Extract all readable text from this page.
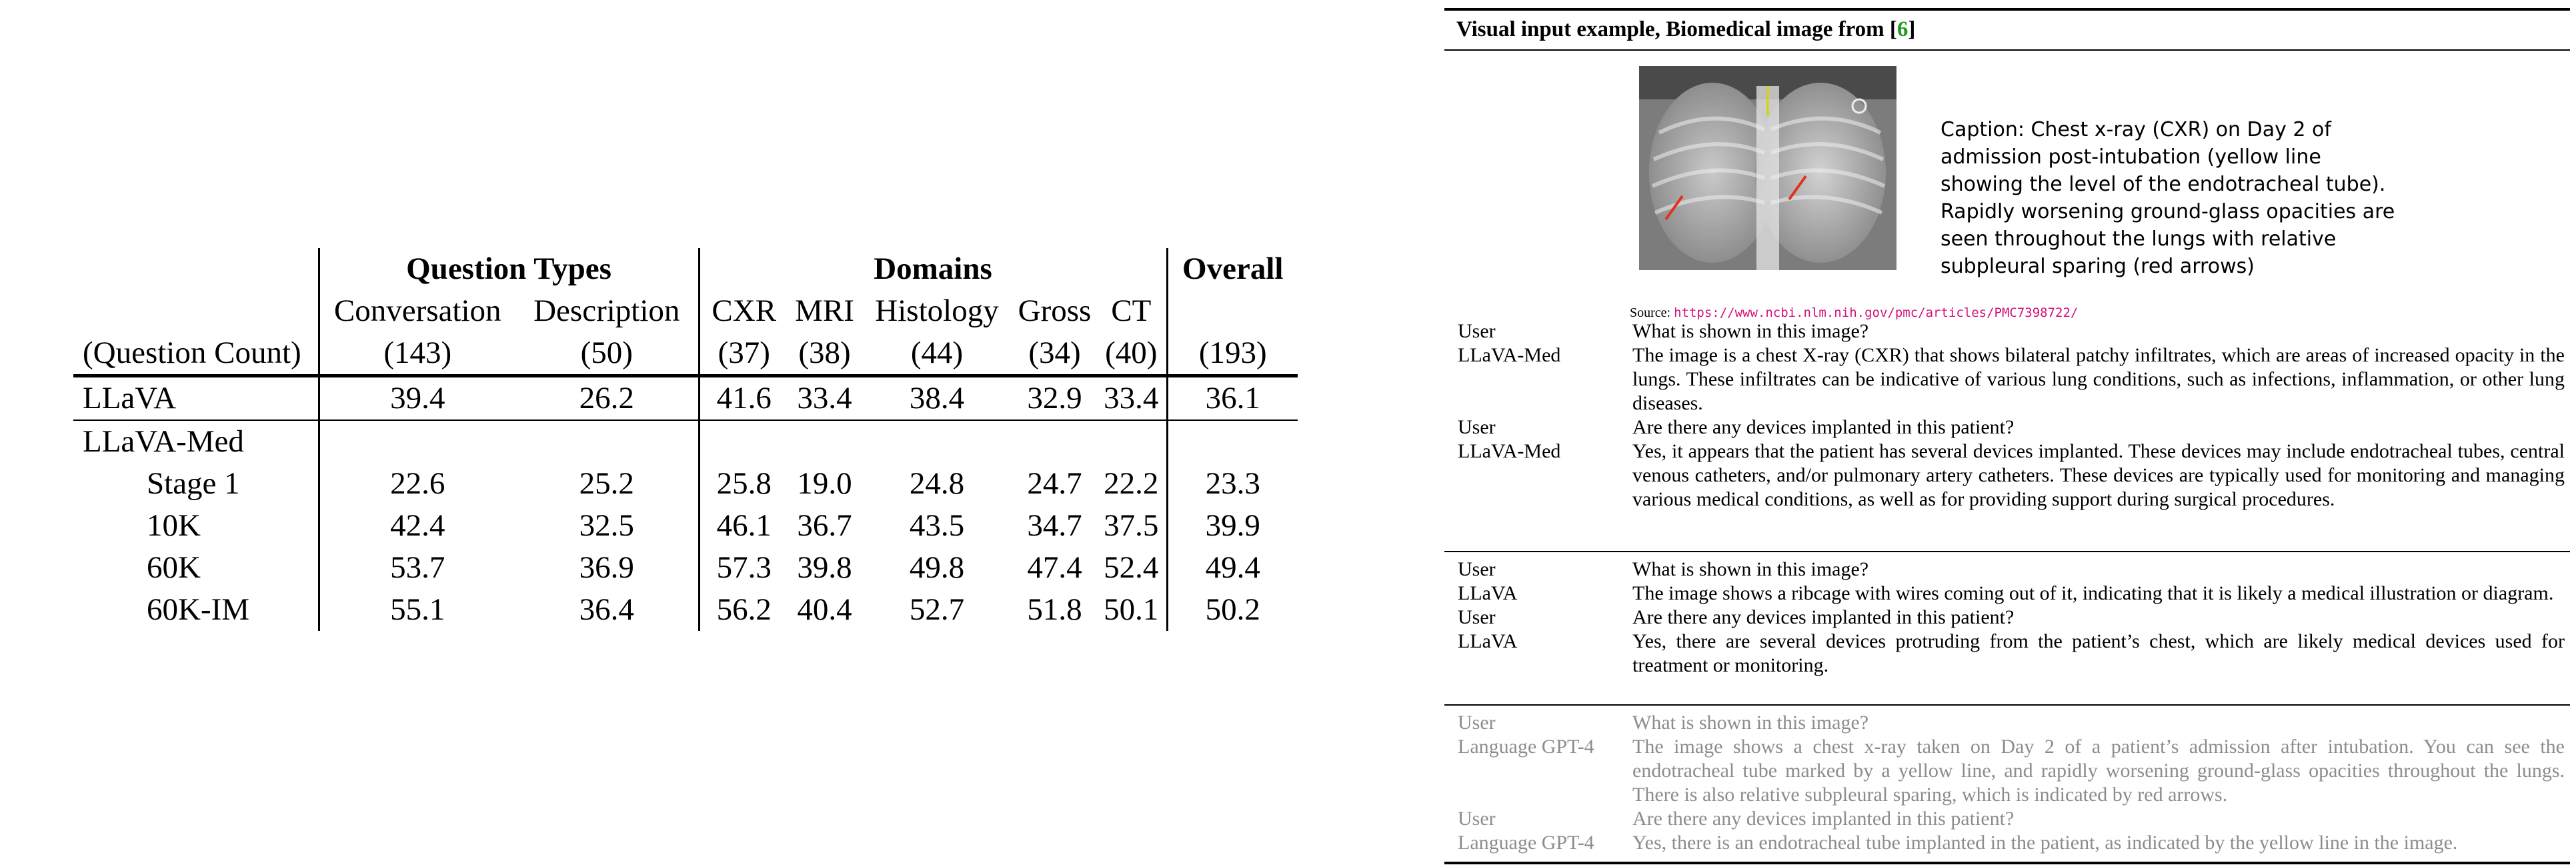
	Question Types		Domains					Overall
	Conversation	Description	CXR	MRI	Histology	Gross	CT	
(Question Count)	(143)	(50)	(37)	(38)	(44)	(34)	(40)	(193)
LLaVA	39.4	26.2	41.6	33.4	38.4	32.9	33.4	36.1
LLaVA-Med								
Stage 1	22.6	25.2	25.8	19.0	24.8	24.7	22.2	23.3
10K	42.4	32.5	46.1	36.7	43.5	34.7	37.5	39.9
60K	53.7	36.9	57.3	39.8	49.8	47.4	52.4	49.4
60K-IM	55.1	36.4	56.2	40.4	52.7	51.8	50.1	50.2
Visual input example, Biomedical image from [6]
Caption: Chest x-ray (CXR) on Day 2 of admission post-intubation (yellow line showing the level of the endotracheal tube). Rapidly worsening ground-glass opacities are seen throughout the lungs with relative subpleural sparing (red arrows)
Source: https://www.ncbi.nlm.nih.gov/pmc/articles/PMC7398722/
User	What is shown in this image?
LLaVA-Med	The image is a chest X-ray (CXR) that shows bilateral patchy infiltrates, which are areas of increased opacity in the lungs. These infiltrates can be indicative of various lung conditions, such as infections, inflammation, or other lung diseases.
User	Are there any devices implanted in this patient?
LLaVA-Med	Yes, it appears that the patient has several devices implanted. These devices may include endotracheal tubes, central venous catheters, and/or pulmonary artery catheters. These devices are typically used for monitoring and managing various medical conditions, as well as for providing support during surgical procedures.
User	What is shown in this image?
LLaVA	The image shows a ribcage with wires coming out of it, indicating that it is likely a medical illustration or diagram.
User	Are there any devices implanted in this patient?
LLaVA	Yes, there are several devices protruding from the patient’s chest, which are likely medical devices used for treatment or monitoring.
User	What is shown in this image?
Language GPT-4	The image shows a chest x-ray taken on Day 2 of a patient’s admission after intubation. You can see the endotracheal tube marked by a yellow line, and rapidly worsening ground-glass opacities throughout the lungs. There is also relative subpleural sparing, which is indicated by red arrows.
User	Are there any devices implanted in this patient?
Language GPT-4	Yes, there is an endotracheal tube implanted in the patient, as indicated by the yellow line in the image.
